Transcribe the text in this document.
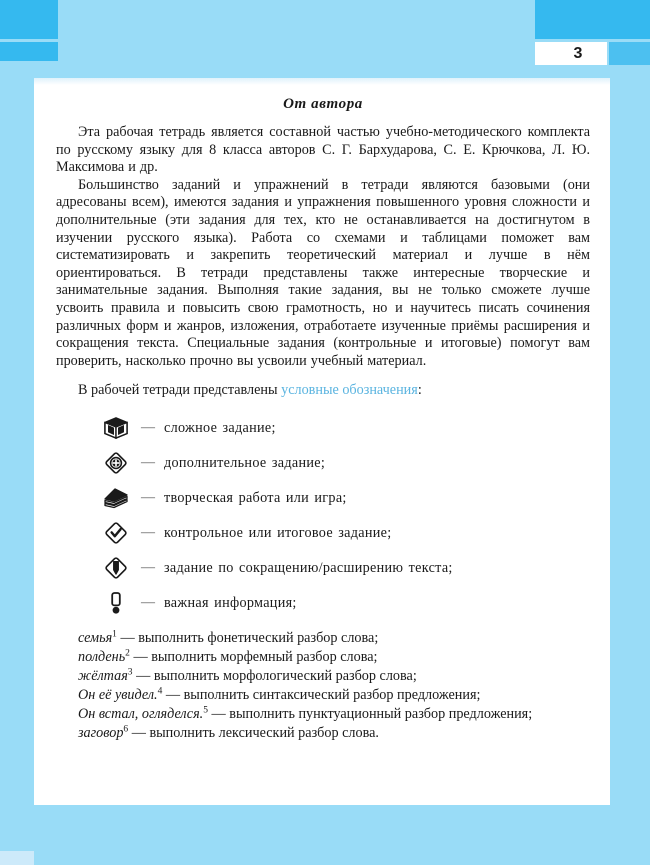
3
От автора

Эта рабочая тетрадь является составной частью учебно-методического комплекта по русскому языку для 8 класса авторов С. Г. Бархударова, С. Е. Крючкова, Л. Ю. Максимова и др.

Большинство заданий и упражнений в тетради являются базовыми (они адресованы всем), имеются задания и упражнения повышенного уровня сложности и дополнительные (эти задания для тех, кто не останавливается на достигнутом в изучении русского языка). Работа со схемами и таблицами поможет вам систематизировать и закрепить теоретический материал и лучше в нём ориентироваться. В тетради представлены также интересные творческие и занимательные задания. Выполняя такие задания, вы не только сможете лучше усвоить правила и повысить свою грамотность, но и научитесь писать сочинения различных форм и жанров, изложения, отработаете изученные приёмы расширения и сокращения текста. Специальные задания (контрольные и итоговые) помогут вам проверить, насколько прочно вы усвоили учебный материал.

В рабочей тетради представлены условные обозначения:

— сложное задание;
— дополнительное задание;
— творческая работа или игра;
— контрольное или итоговое задание;
— задание по сокращению/расширению текста;
— важная информация;

семья$^1$ — выполнить фонетический разбор слова;

полдень$^2$ — выполнить морфемный разбор слова;

жёлтая$^3$ — выполнить морфологический разбор слова;

Он её увидел.$^4$ — выполнить синтаксический разбор предложения;

Он встал, огляделся.$^5$ — выполнить пунктуационный разбор предложения;

заговор$^6$ — выполнить лексический разбор слова.
